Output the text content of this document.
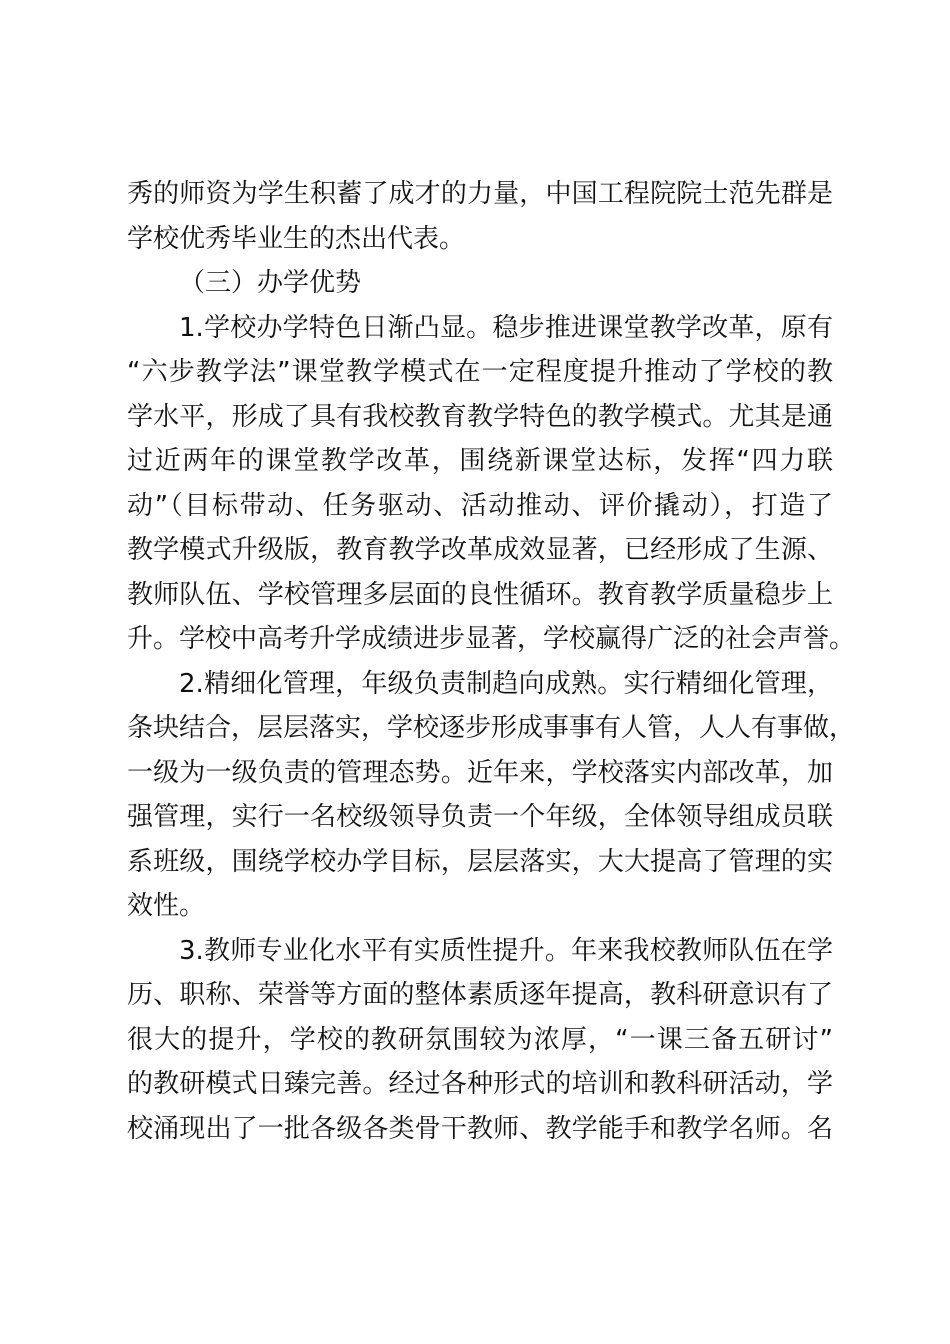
秀的师资为学生积蓄了成才的力量，中国工程院院士范先群是
学校优秀毕业生的杰出代表。
（三）办学优势
1.学校办学特色日渐凸显。稳步推进课堂教学改革，原有
“六步教学法”课堂教学模式在一定程度提升推动了学校的教
学水平，形成了具有我校教育教学特色的教学模式。尤其是通
过近两年的课堂教学改革，围绕新课堂达标，发挥“四力联
动”（目标带动、任务驱动、活动推动、评价撬动），打造了
教学模式升级版，教育教学改革成效显著，已经形成了生源、
教师队伍、学校管理多层面的良性循环。教育教学质量稳步上
升。学校中高考升学成绩进步显著，学校赢得广泛的社会声誉。
2.精细化管理，年级负责制趋向成熟。实行精细化管理，
条块结合，层层落实，学校逐步形成事事有人管，人人有事做，
一级为一级负责的管理态势。近年来，学校落实内部改革，加
强管理，实行一名校级领导负责一个年级，全体领导组成员联
系班级，围绕学校办学目标，层层落实，大大提高了管理的实
效性。
3.教师专业化水平有实质性提升。年来我校教师队伍在学
历、职称、荣誉等方面的整体素质逐年提高，教科研意识有了
很大的提升，学校的教研氛围较为浓厚，“一课三备五研讨”
的教研模式日臻完善。经过各种形式的培训和教科研活动，学
校涌现出了一批各级各类骨干教师、教学能手和教学名师。名
